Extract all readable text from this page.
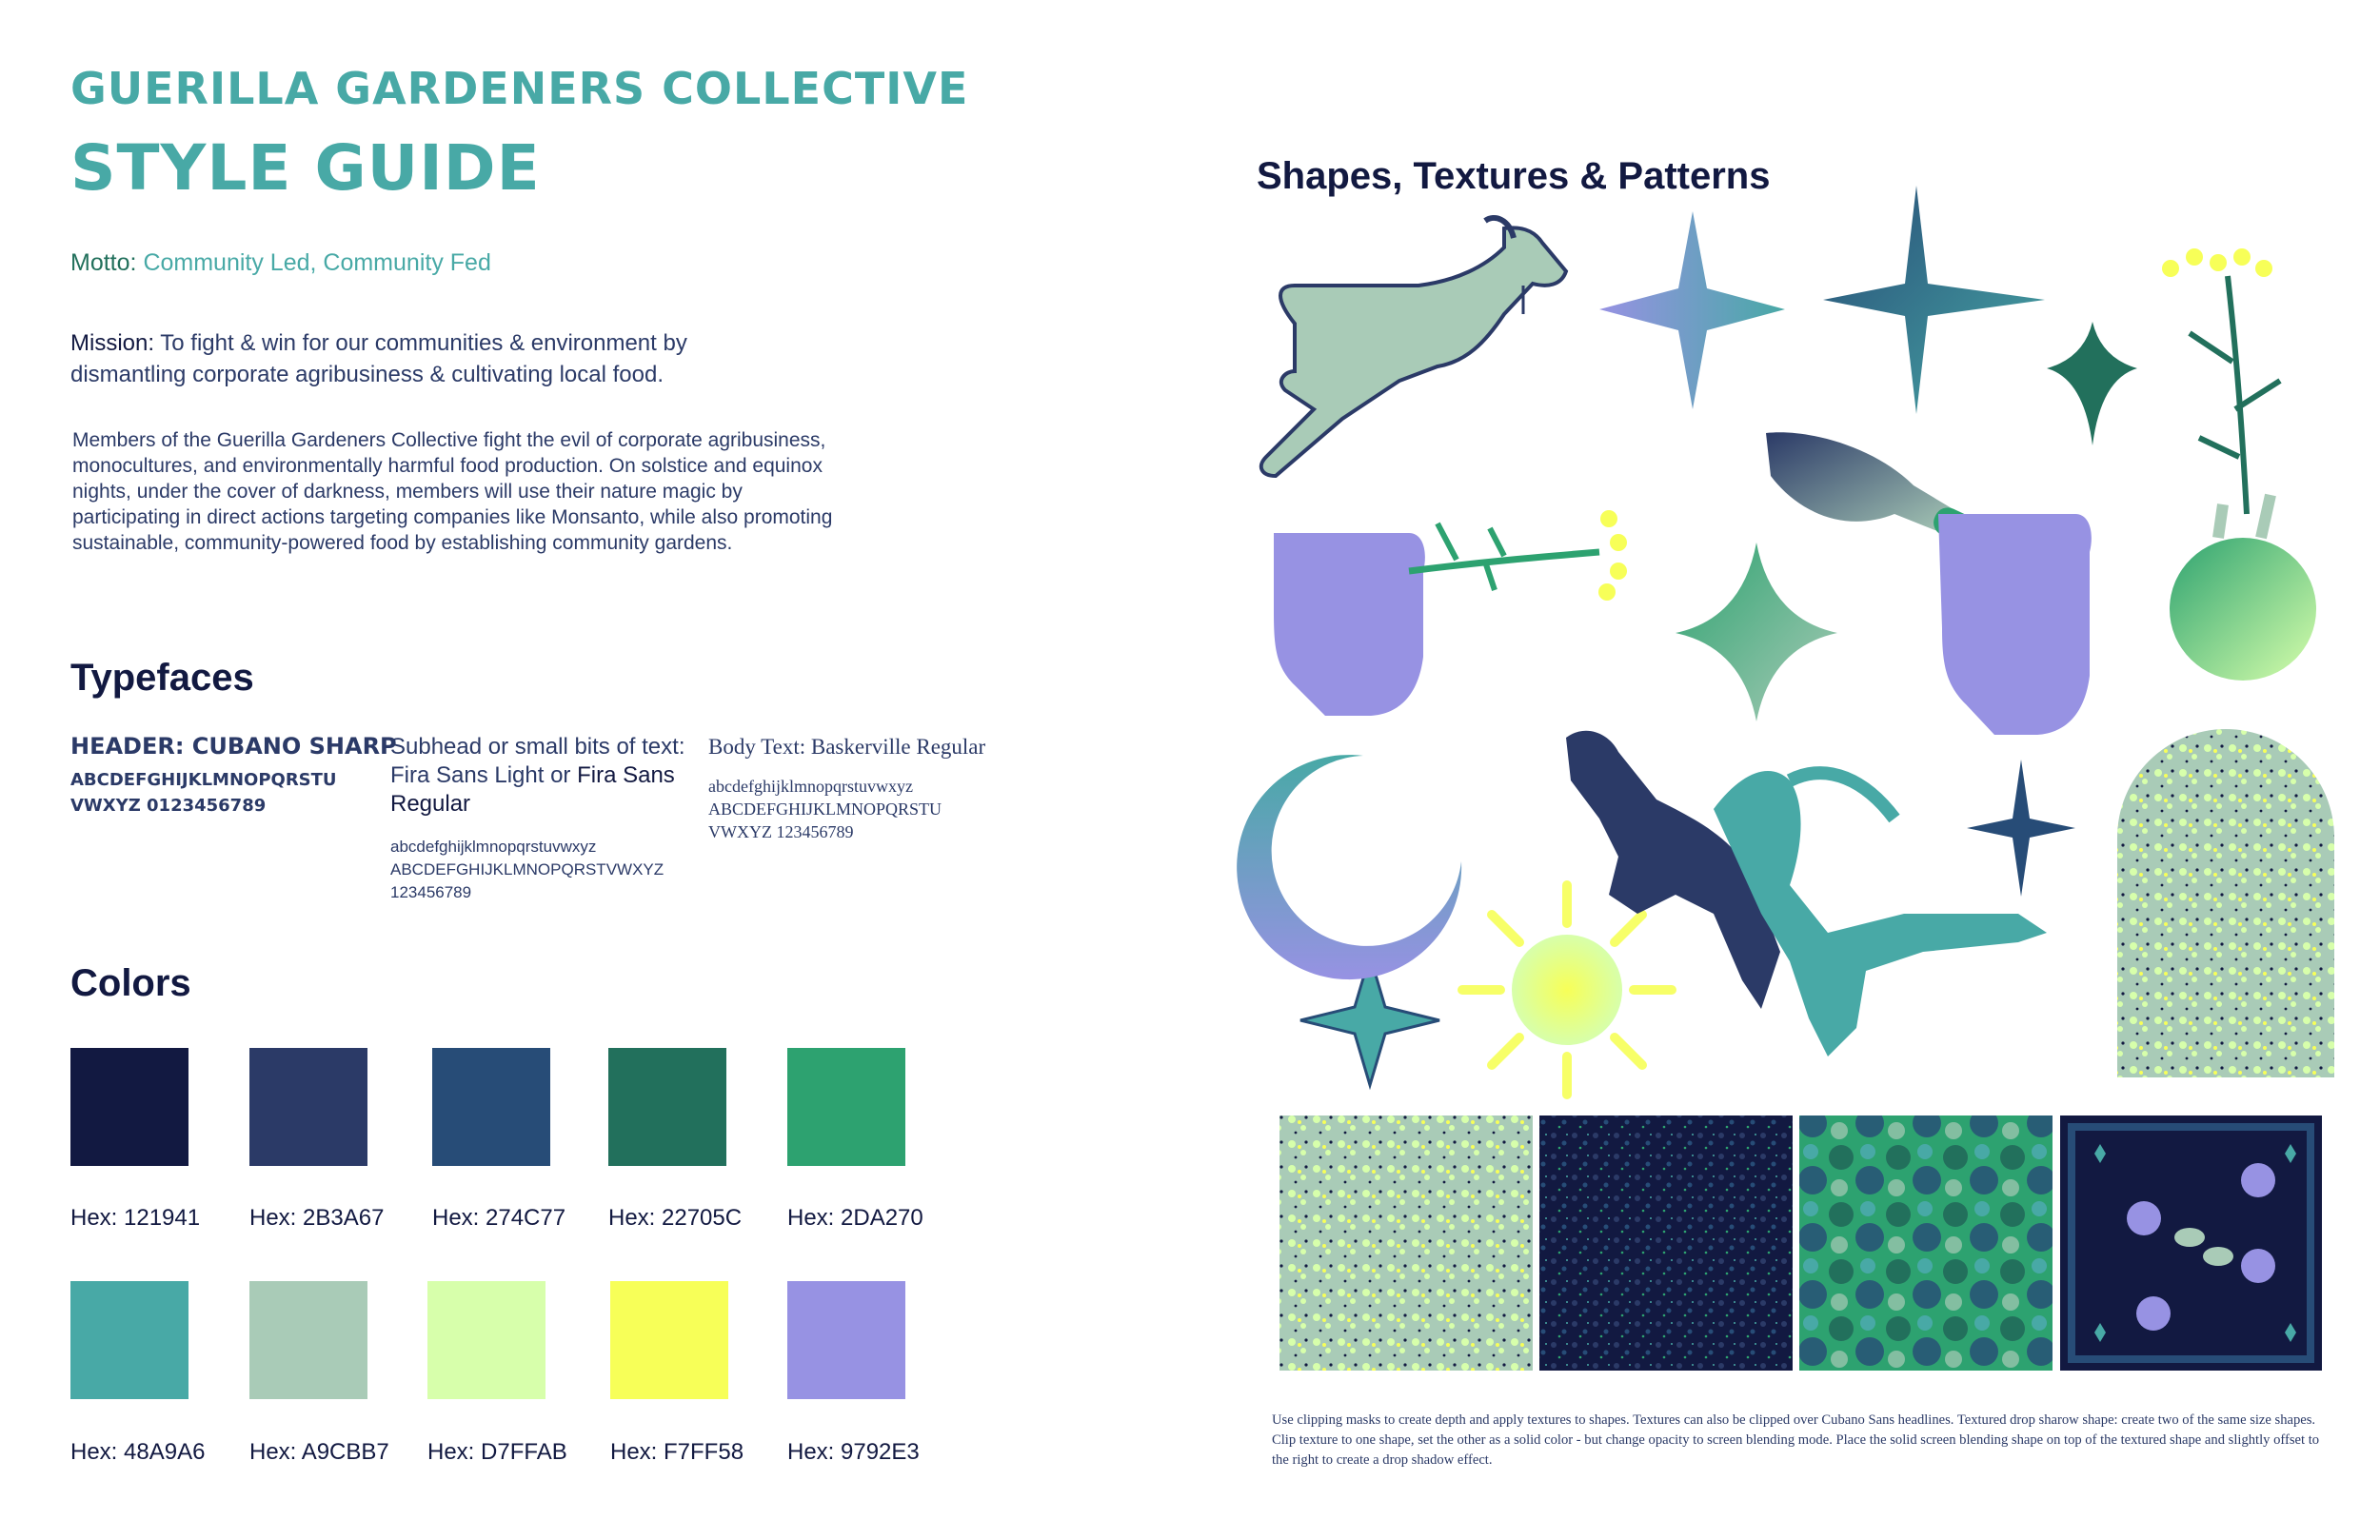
GUERILLA GARDENERS COLLECTIVE
STYLE GUIDE
Motto: Community Led, Community Fed
Mission: To fight & win for our communities & environment by dismantling corporate agribusiness & cultivating local food.
Members of the Guerilla Gardeners Collective fight the evil of corporate agribusiness, monocultures, and environmentally harmful food production. On solstice and equinox nights, under the cover of darkness, members will use their nature magic by participating in direct actions targeting companies like Monsanto, while also promoting sustainable, community-powered food by establishing community gardens.
Typefaces
HEADER: CUBANO SHARP
ABCDEFGHIJKLMNOPQRSTU VWXYZ 0123456789
Subhead or small bits of text: Fira Sans Light or Fira Sans Regular
abcdefghijklmnopqrstuvwxyz
ABCDEFGHIJKLMNOPQRSTVWXYZ
123456789
Body Text: Baskerville Regular
abcdefghijklmnopqrstuvwxyz
ABCDEFGHIJKLMNOPQRSTU
VWXYZ 123456789
Colors
Hex: 121941 Hex: 2B3A67 Hex: 274C77 Hex: 22705C Hex: 2DA270
Hex: 48A9A6 Hex: A9CBB7 Hex: D7FFAB Hex: F7FF58 Hex: 9792E3
Shapes, Textures & Patterns
Use clipping masks to create depth and apply textures to shapes. Textures can also be clipped over Cubano Sans headlines. Textured drop sharow shape: create two of the same size shapes. Clip texture to one shape, set the other as a solid color - but change opacity to screen blending mode. Place the solid screen blending shape on top of the textured shape and slightly offset to the right to create a drop shadow effect.
